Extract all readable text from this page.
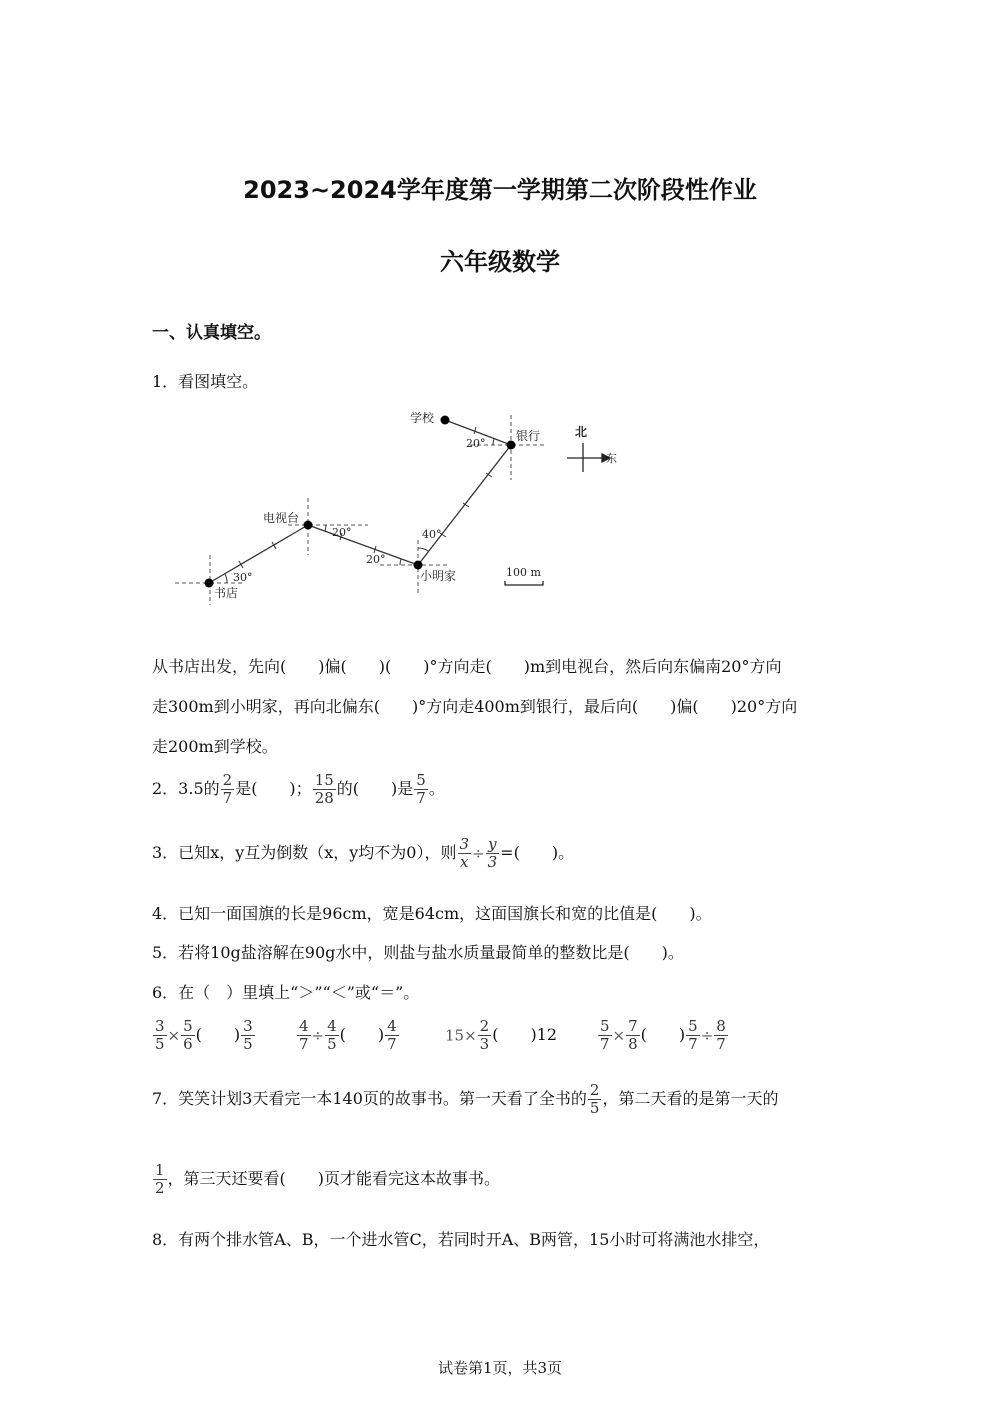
2023~2024学年度第一学期第二次阶段性作业
六年级数学
一、认真填空。
1．看图填空。
学校
银行
电视台
小明家
书店
北
东
100 m
20°
20°
20°
40°
30°
从书店出发，先向(　　)偏(　　)(　　)°方向走(　　)m到电视台，然后向东偏南20°方向
走300m到小明家，再向北偏东(　　)°方向走400m到银行，最后向(　　)偏(　　)20°方向
走200m到学校。
2．3.5的 $\frac{2}{7}$ 是(　　)； $\frac{15}{28}$ 的(　　)是 $\frac{5}{7}$ 。
3．已知x，y互为倒数（x，y均不为0），则 $\frac{3}{x} \div \frac{y}{3}$ =(　　)。
4．已知一面国旗的长是96cm，宽是64cm，这面国旗长和宽的比值是(　　)。
5．若将10g盐溶解在90g水中，则盐与盐水质量最简单的整数比是(　　)。
6．在（　）里填上“＞”“＜”或“＝”。
$\frac{3}{5} \times \frac{5}{6}$ (　　) $\frac{3}{5}$	$\frac{4}{7} \div \frac{4}{5}$ (　　) $\frac{4}{7}$	$15\times \frac{2}{3}$ (　　)12	$\frac{5}{7} \times \frac{7}{8}$ (　　) $\frac{5}{7} \div \frac{8}{7}$
7．笑笑计划3天看完一本140页的故事书。第一天看了全书的 $\frac{2}{5}$ ，第二天看的是第一天的
$\frac{1}{2}$ ，第三天还要看(　　)页才能看完这本故事书。
8．有两个排水管A、B，一个进水管C，若同时开A、B两管，15小时可将满池水排空，
试卷第1页，共3页
